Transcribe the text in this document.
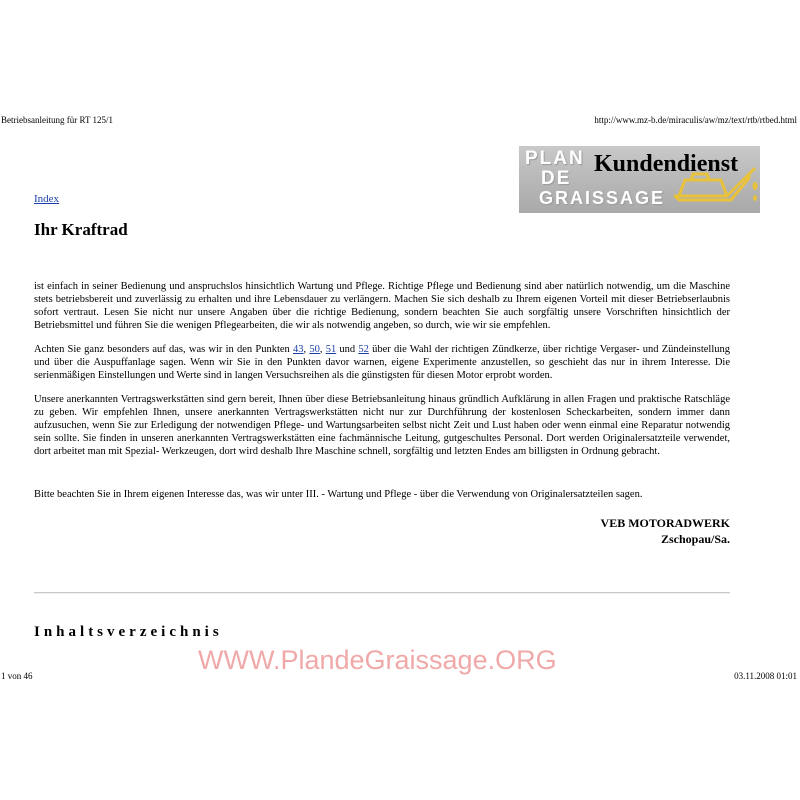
Betriebsanleitung für RT 125/1	http://www.mz-b.de/miraculis/aw/mz/text/rtb/rtbed.html
PLAN
DE
GRAISSAGE
Kundendienst
Index
Ihr Kraftrad

ist einfach in seiner Bedienung und anspruchslos hinsichtlich Wartung und Pflege. Richtige Pflege und Bedienung sind aber natürlich notwendig, um die Maschine stets betriebsbereit und zuverlässig zu erhalten und ihre Lebensdauer zu verlängern. Machen Sie sich deshalb zu Ihrem eigenen Vorteil mit dieser Betriebserlaubnis sofort vertraut. Lesen Sie nicht nur unsere Angaben über die richtige Bedienung, sondern beachten Sie auch sorgfältig unsere Vorschriften hinsichtlich der Betriebsmittel und führen Sie die wenigen Pflegearbeiten, die wir als notwendig angeben, so durch, wie wir sie empfehlen.

Achten Sie ganz besonders auf das, was wir in den Punkten 43, 50, 51 und 52 über die Wahl der richtigen Zündkerze, über richtige Vergaser- und Zündeinstellung und über die Auspuffanlage sagen. Wenn wir Sie in den Punkten davor warnen, eigene Experimente anzustellen, so geschieht das nur in ihrem Interesse. Die serienmäßigen Einstellungen und Werte sind in langen Versuchsreihen als die günstigsten für diesen Motor erprobt worden.

Unsere anerkannten Vertragswerkstätten sind gern bereit, Ihnen über diese Betriebsanleitung hinaus gründlich Aufklärung in allen Fragen und praktische Ratschläge zu geben. Wir empfehlen Ihnen, unsere anerkannten Vertragswerkstätten nicht nur zur Durchführung der kostenlosen Scheckarbeiten, sondern immer dann aufzusuchen, wenn Sie zur Erledigung der notwendigen Pflege- und Wartungsarbeiten selbst nicht Zeit und Lust haben oder wenn einmal eine Reparatur notwendig sein sollte. Sie finden in unseren anerkannten Vertragswerkstätten eine fachmännische Leitung, gutgeschultes Personal. Dort werden Originalersatzteile verwendet, dort arbeitet man mit Spezial- Werkzeugen, dort wird deshalb Ihre Maschine schnell, sorgfältig und letzten Endes am billigsten in Ordnung gebracht.

Bitte beachten Sie in Ihrem eigenen Interesse das, was wir unter III. - Wartung und Pflege - über die Verwendung von Originalersatzteilen sagen.

VEB MOTORADWERK
Zschopau/Sa.
Inhaltsverzeichnis
WWW.PlandeGraissage.ORG
1 von 46	03.11.2008 01:01
